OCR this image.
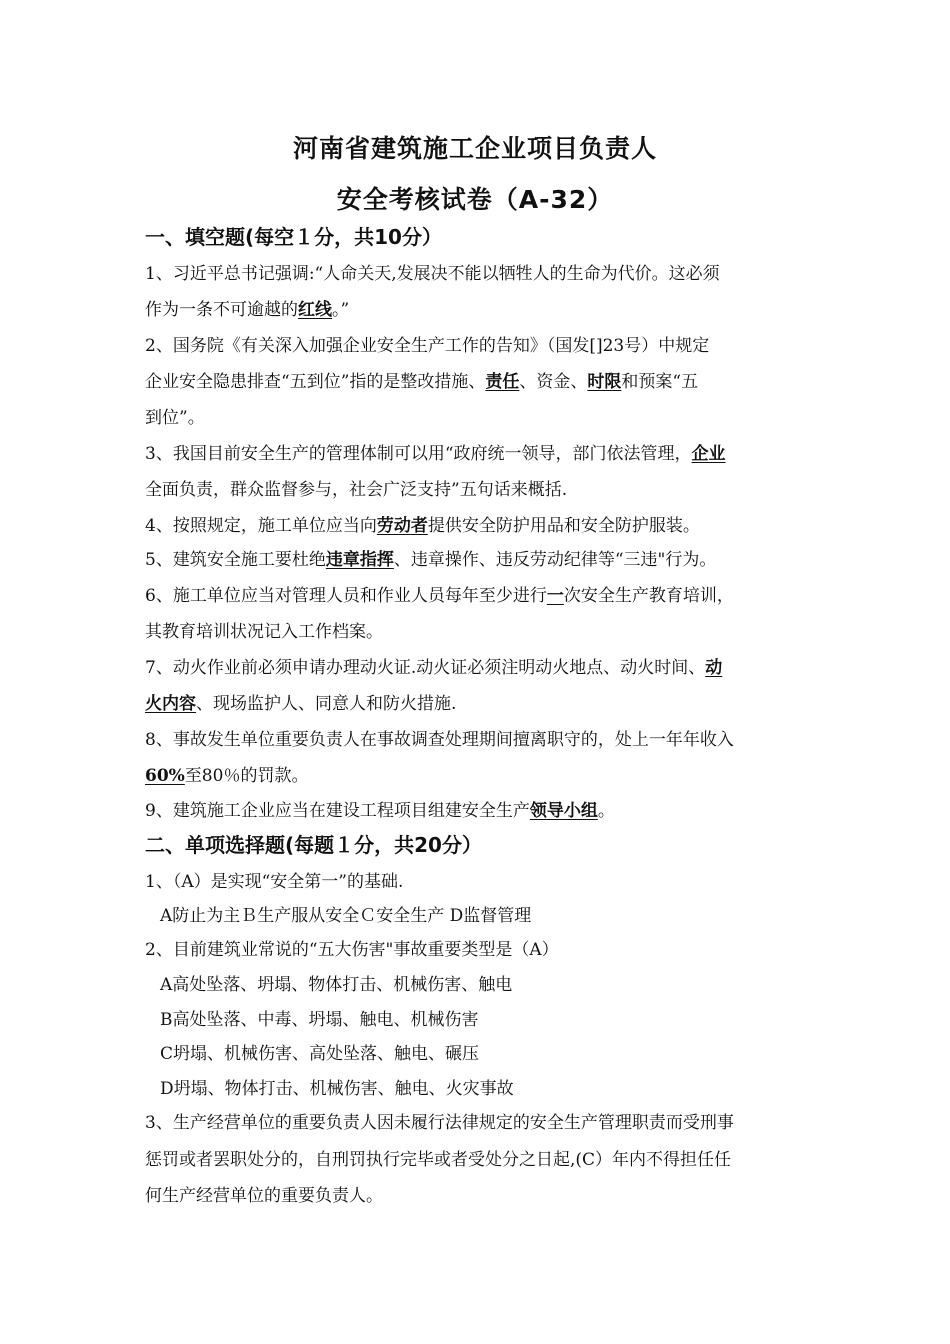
河南省建筑施工企业项目负责人
安全考核试卷（A-32）
一、填空题(每空１分，共10分）
1、习近平总书记强调:“人命关天,发展决不能以牺牲人的生命为代价。这必须
作为一条不可逾越的红线。”
2、国务院《有关深入加强企业安全生产工作的告知》（国发[]23号）中规定
企业安全隐患排查“五到位”指的是整改措施、责任、资金、时限和预案“五
到位”。
3、我国目前安全生产的管理体制可以用“政府统一领导，部门依法管理，企业
全面负责，群众监督参与，社会广泛支持”五句话来概括.
4、按照规定，施工单位应当向劳动者提供安全防护用品和安全防护服装。
5、建筑安全施工要杜绝违章指挥、违章操作、违反劳动纪律等“三违"行为。
6、施工单位应当对管理人员和作业人员每年至少进行一次安全生产教育培训，
其教育培训状况记入工作档案。
7、动火作业前必须申请办理动火证.动火证必须注明动火地点、动火时间、动
火内容、现场监护人、同意人和防火措施.
8、事故发生单位重要负责人在事故调查处理期间擅离职守的，处上一年年收入
60%至80％的罚款。
9、建筑施工企业应当在建设工程项目组建安全生产领导小组。
二、单项选择题(每题１分，共20分）
1、（A）是实现“安全第一”的基础.
A防止为主Ｂ生产服从安全Ｃ安全生产 D监督管理
2、目前建筑业常说的“五大伤害"事故重要类型是（A）
A高处坠落、坍塌、物体打击、机械伤害、触电
B高处坠落、中毒、坍塌、触电、机械伤害
C坍塌、机械伤害、高处坠落、触电、碾压
D坍塌、物体打击、机械伤害、触电、火灾事故
3、生产经营单位的重要负责人因未履行法律规定的安全生产管理职责而受刑事
惩罚或者罢职处分的，自刑罚执行完毕或者受处分之日起,(C）年内不得担任任
何生产经营单位的重要负责人。
